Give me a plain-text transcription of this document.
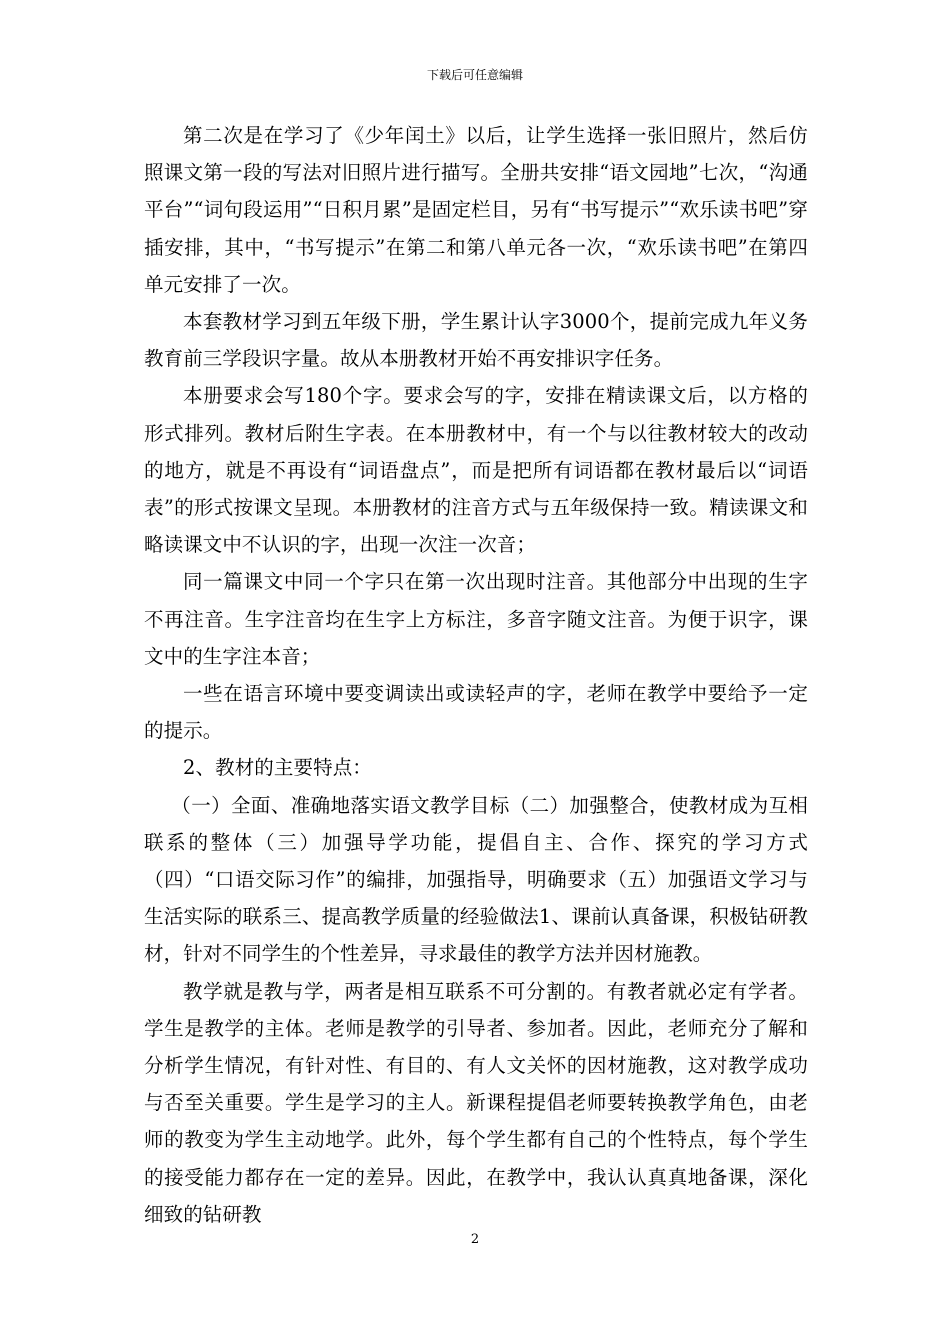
下载后可任意编辑

第二次是在学习了《少年闰土》以后，让学生选择一张旧照片，然后仿照课文第一段的写法对旧照片进行描写。全册共安排“语文园地”七次，“沟通平台”“词句段运用”“日积月累”是固定栏目，另有“书写提示”“欢乐读书吧”穿插安排，其中，“书写提示”在第二和第八单元各一次，“欢乐读书吧”在第四单元安排了一次。

本套教材学习到五年级下册，学生累计认字3000个，提前完成九年义务教育前三学段识字量。故从本册教材开始不再安排识字任务。

本册要求会写180个字。要求会写的字，安排在精读课文后，以方格的形式排列。教材后附生字表。在本册教材中，有一个与以往教材较大的改动的地方，就是不再设有“词语盘点”，而是把所有词语都在教材最后以“词语表”的形式按课文呈现。本册教材的注音方式与五年级保持一致。精读课文和略读课文中不认识的字，出现一次注一次音；

同一篇课文中同一个字只在第一次出现时注音。其他部分中出现的生字不再注音。生字注音均在生字上方标注，多音字随文注音。为便于识字，课文中的生字注本音；

一些在语言环境中要变调读出或读轻声的字，老师在教学中要给予一定的提示。

2、教材的主要特点：

（一）全面、准确地落实语文教学目标（二）加强整合，使教材成为互相联系的整体（三）加强导学功能，提倡自主、合作、探究的学习方式（四）“口语交际习作”的编排，加强指导，明确要求（五）加强语文学习与生活实际的联系三、提高教学质量的经验做法1、课前认真备课，积极钻研教材，针对不同学生的个性差异，寻求最佳的教学方法并因材施教。

教学就是教与学，两者是相互联系不可分割的。有教者就必定有学者。学生是教学的主体。老师是教学的引导者、参加者。因此，老师充分了解和分析学生情况，有针对性、有目的、有人文关怀的因材施教，这对教学成功与否至关重要。学生是学习的主人。新课程提倡老师要转换教学角色，由老师的教变为学生主动地学。此外，每个学生都有自己的个性特点，每个学生的接受能力都存在一定的差异。因此，在教学中，我认认真真地备课，深化细致的钻研教

2
